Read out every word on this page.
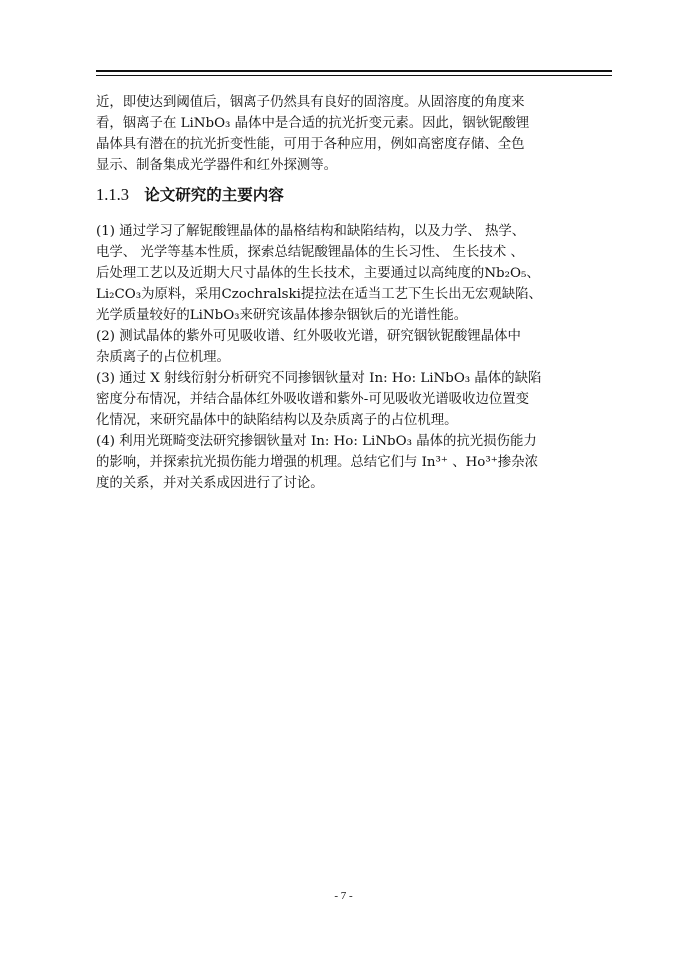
近，即使达到阈值后，铟离子仍然具有良好的固溶度。从固溶度的角度来
看，铟离子在 LiNbO₃ 晶体中是合适的抗光折变元素。因此，铟钬铌酸锂
晶体具有潜在的抗光折变性能，可用于各种应用，例如高密度存储、全色
显示、制备集成光学器件和红外探测等。
1.1.3 论文研究的主要内容
(1) 通过学习了解铌酸锂晶体的晶格结构和缺陷结构，以及力学、 热学、
电学、 光学等基本性质，探索总结铌酸锂晶体的生长习性、 生长技术 、
后处理工艺以及近期大尺寸晶体的生长技术，主要通过以高纯度的Nb₂O₅、
Li₂CO₃为原料，采用Czochralski提拉法在适当工艺下生长出无宏观缺陷、
光学质量较好的LiNbO₃来研究该晶体掺杂铟钬后的光谱性能。
(2) 测试晶体的紫外可见吸收谱、红外吸收光谱，研究铟钬铌酸锂晶体中
杂质离子的占位机理。
(3) 通过 X 射线衍射分析研究不同掺铟钬量对 In: Ho: LiNbO₃ 晶体的缺陷
密度分布情况，并结合晶体红外吸收谱和紫外-可见吸收光谱吸收边位置变
化情况，来研究晶体中的缺陷结构以及杂质离子的占位机理。
(4) 利用光斑畸变法研究掺铟钬量对 In: Ho: LiNbO₃ 晶体的抗光损伤能力
的影响，并探索抗光损伤能力增强的机理。总结它们与 In³⁺ 、Ho³⁺掺杂浓
度的关系，并对关系成因进行了讨论。
- 7 -
